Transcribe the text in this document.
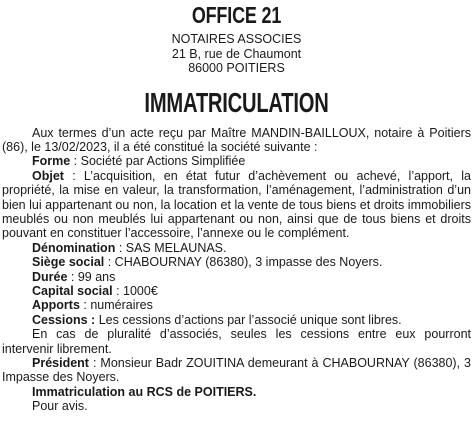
OFFICE 21
NOTAIRES ASSOCIES
21 B, rue de Chaumont
86000 POITIERS
IMMATRICULATION

Aux termes d’un acte reçu par Maître MANDIN-BAILLOUX, notaire à Poitiers (86), le 13/02/2023, il a été constitué la société suivante :

Forme : Société par Actions Simplifiée

Objet : L’acquisition, en état futur d’achèvement ou achevé, l’apport, la propriété, la mise en valeur, la transformation, l’aménagement, l’administration d’un bien lui appartenant ou non, la location et la vente de tous biens et droits immobiliers meublés ou non meublés lui appartenant ou non, ainsi que de tous biens et droits pouvant en constituer l’accessoire, l’annexe ou le complément.

Dénomination : SAS MELAUNAS.

Siège social : CHABOURNAY (86380), 3 impasse des Noyers.

Durée : 99 ans

Capital social : 1000€

Apports : numéraires

Cessions : Les cessions d’actions par l’associé unique sont libres.

En cas de pluralité d’associés, seules les cessions entre eux pourront intervenir librement.

Président : Monsieur Badr ZOUITINA demeurant à CHABOURNAY (86380), 3 Impasse des Noyers.

Immatriculation au RCS de POITIERS.

Pour avis.
